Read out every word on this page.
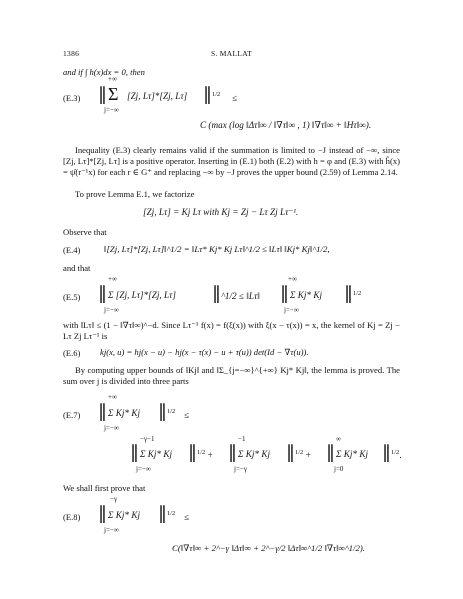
1386	S. MALLAT
and if ∫ h(x)dx = 0, then
(E.3)
+∞
‖ Σ
j=−∞
[Zj, Lτ]*[Zj, Lτ] ‖$^{1/2}$ ≤
C (max (log ‖Δτ‖∞ / ‖∇τ‖∞ , 1) ‖∇τ‖∞ + ‖Hτ‖∞).
Inequality (E.3) clearly remains valid if the summation is limited to −J instead of −∞, since [Zj, Lτ]*[Zj, Lτ] is a positive operator. Inserting in (E.1) both (E.2) with h = φ and (E.3) with ĥ(x) = ψ̂(r⁻¹x) for each r ∈ G⁺ and replacing −∞ by −J proves the upper bound (2.59) of Lemma 2.14.
To prove Lemma E.1, we factorize
[Zj, Lτ] = Kj Lτ with Kj = Zj − Lτ Zj Lτ⁻¹.
Observe that
(E.4)	‖[Zj, Lτ]*[Zj, Lτ]‖^1/2 = ‖Lτ* Kj* Kj Lτ‖^1/2 ≤ ‖Lτ‖ ‖Kj* Kj‖^1/2,
and that
(E.5)
+∞
‖ Σ [Zj, Lτ]*[Zj, Lτ]
j=−∞
‖^1/2 ≤ ‖Lτ‖
+∞
‖ Σ Kj* Kj
j=−∞
‖$^{1/2}$
with ‖Lτ‖ ≤ (1 − ‖∇τ‖∞)^−d. Since Lτ⁻¹ f(x) = f(ξ(x)) with ξ(x − τ(x)) = x, the kernel of Kj = Zj − Lτ Zj Lτ⁻¹ is
(E.6) kj(x, u) = hj(x − u) − hj(x − τ(x) − u + τ(u)) det(Id − ∇τ(u)).
By computing upper bounds of ‖Kj‖ and ‖Σ_{j=−∞}^{+∞} Kj* Kj‖, the lemma is proved. The sum over j is divided into three parts
(E.7)
+∞
‖ Σ Kj* Kj
j=−∞
‖$^{1/2}$ ≤
−γ−1
‖ Σ Kj* Kj
j=−∞
‖$^{1/2}$ +
−1
‖ Σ Kj* Kj
j=−γ
‖$^{1/2}$ +
∞
‖ Σ Kj* Kj
j=0
‖$^{1/2}$.
We shall first prove that
(E.8)
−γ
‖ Σ Kj* Kj
j=−∞
‖$^{1/2}$ ≤
C(‖∇τ‖∞ + 2^−γ ‖Δτ‖∞ + 2^−γ/2 ‖Δτ‖∞^1/2 ‖∇τ‖∞^1/2).
